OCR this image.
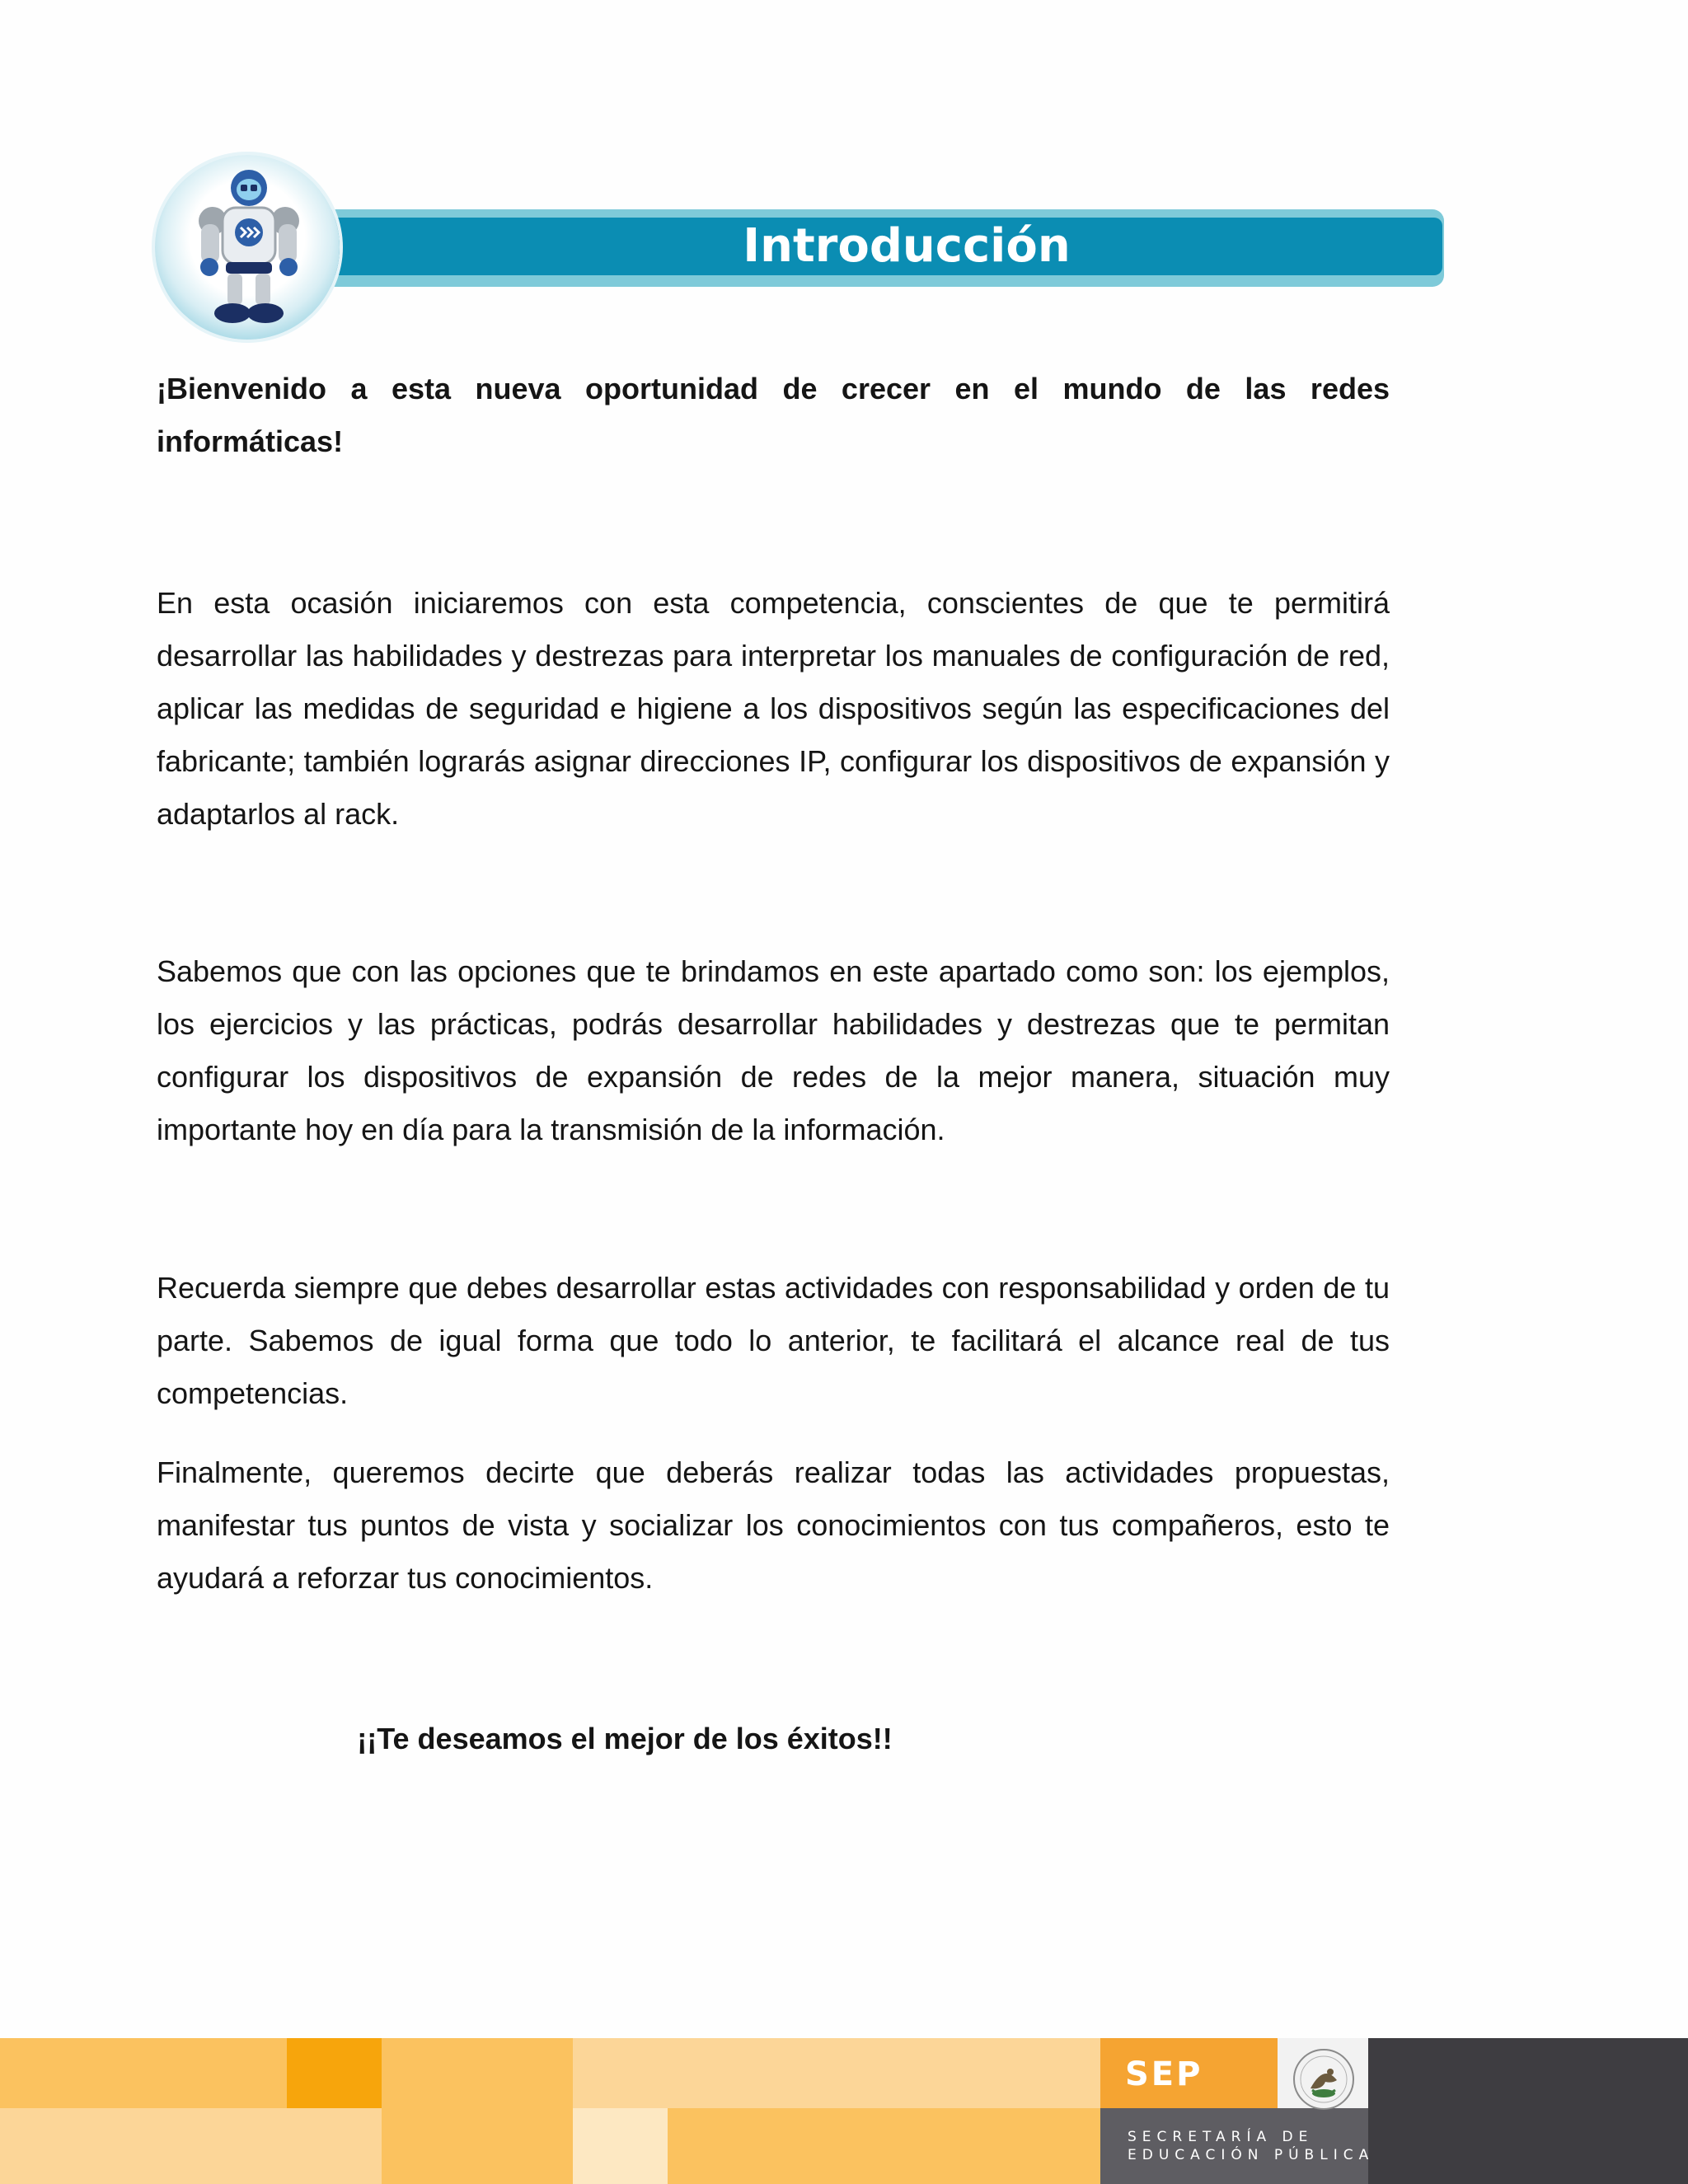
Introducción

¡Bienvenido a esta nueva oportunidad de crecer en el mundo de las redes informáticas!

En esta ocasión iniciaremos con esta competencia, conscientes de que te permitirá desarrollar las habilidades y destrezas para interpretar los manuales de configuración de red, aplicar las medidas de seguridad e higiene a los dispositivos según las especificaciones del fabricante; también lograrás asignar direcciones IP, configurar los dispositivos de expansión y adaptarlos al rack.

Sabemos que con las opciones que te brindamos en este apartado como son: los ejemplos, los ejercicios y las prácticas, podrás desarrollar habilidades y destrezas que te permitan configurar los dispositivos de expansión de redes de la mejor manera, situación muy importante hoy en día para la transmisión de la información.

Recuerda siempre que debes desarrollar estas actividades con responsabilidad y orden de tu parte. Sabemos de igual forma que todo lo anterior, te facilitará el alcance real de tus competencias.

Finalmente, queremos decirte que deberás realizar todas las actividades propuestas, manifestar tus puntos de vista y socializar los conocimientos con tus compañeros, esto te ayudará a reforzar tus conocimientos.

¡¡Te deseamos el mejor de los éxitos!!
SEP
SECRETARÍA DE
EDUCACIÓN PÚBLICA
